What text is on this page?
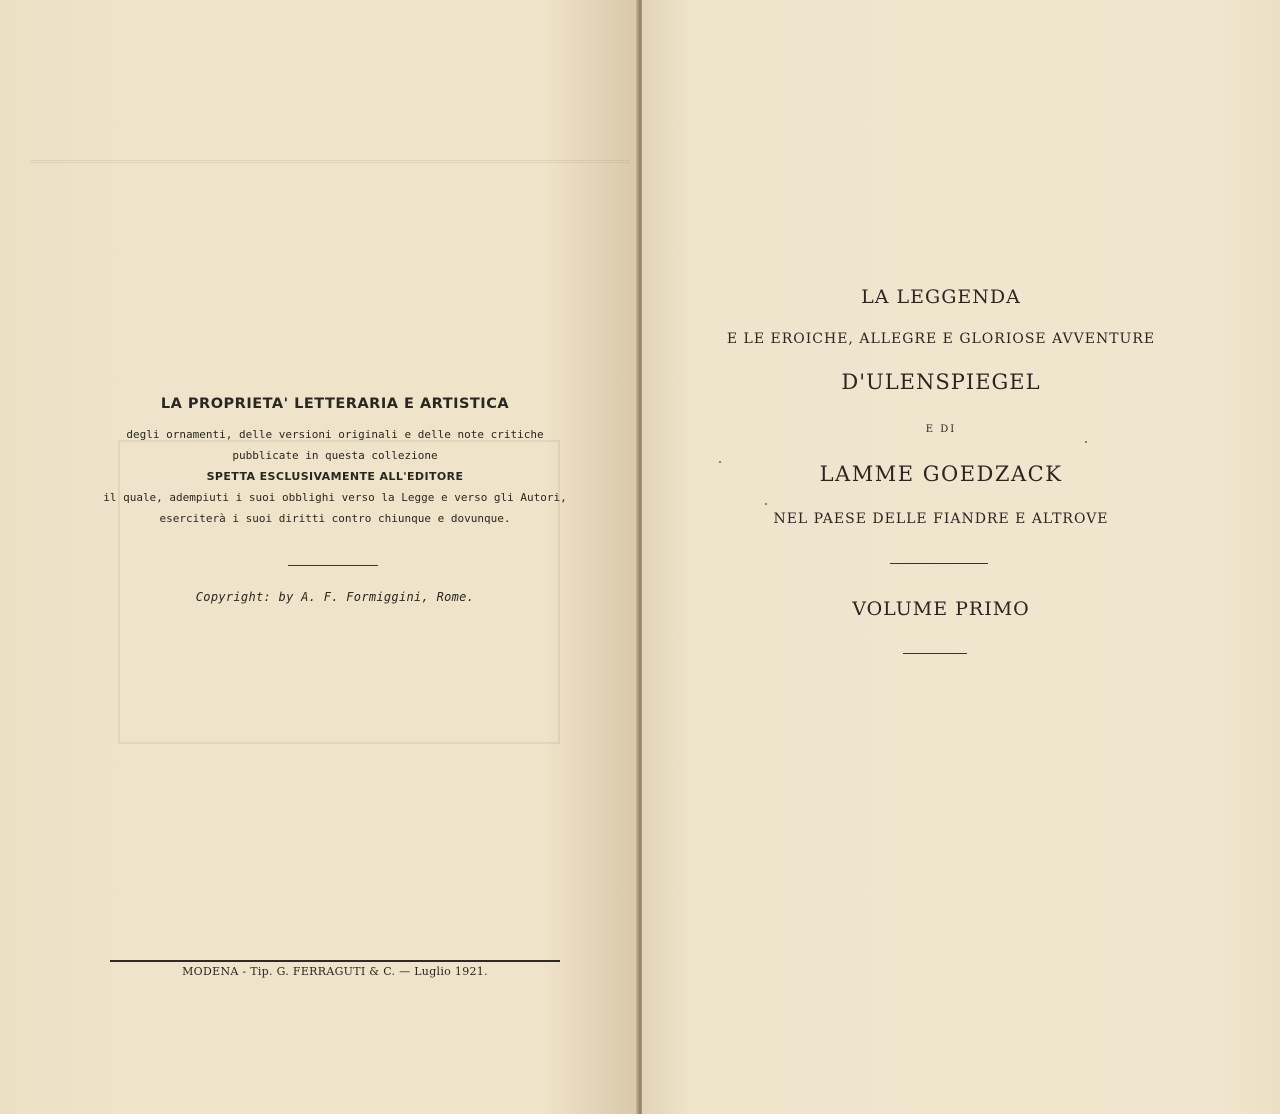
LA PROPRIETA' LETTERARIA E ARTISTICA

degli ornamenti, delle versioni originali e delle note critiche

pubblicate in questa collezione

SPETTA ESCLUSIVAMENTE ALL'EDITORE

il quale, adempiuti i suoi obblighi verso la Legge e verso gli Autori,

eserciterà i suoi diritti contro chiunque e dovunque.

Copyright: by A. F. Formiggini, Rome.
MODENA - Tip. G. FERRAGUTI & C. — Luglio 1921.
LA LEGGENDA
E LE EROICHE, ALLEGRE E GLORIOSE AVVENTURE
D'ULENSPIEGEL
E DI
LAMME GOEDZACK
NEL PAESE DELLE FIANDRE E ALTROVE
VOLUME PRIMO
